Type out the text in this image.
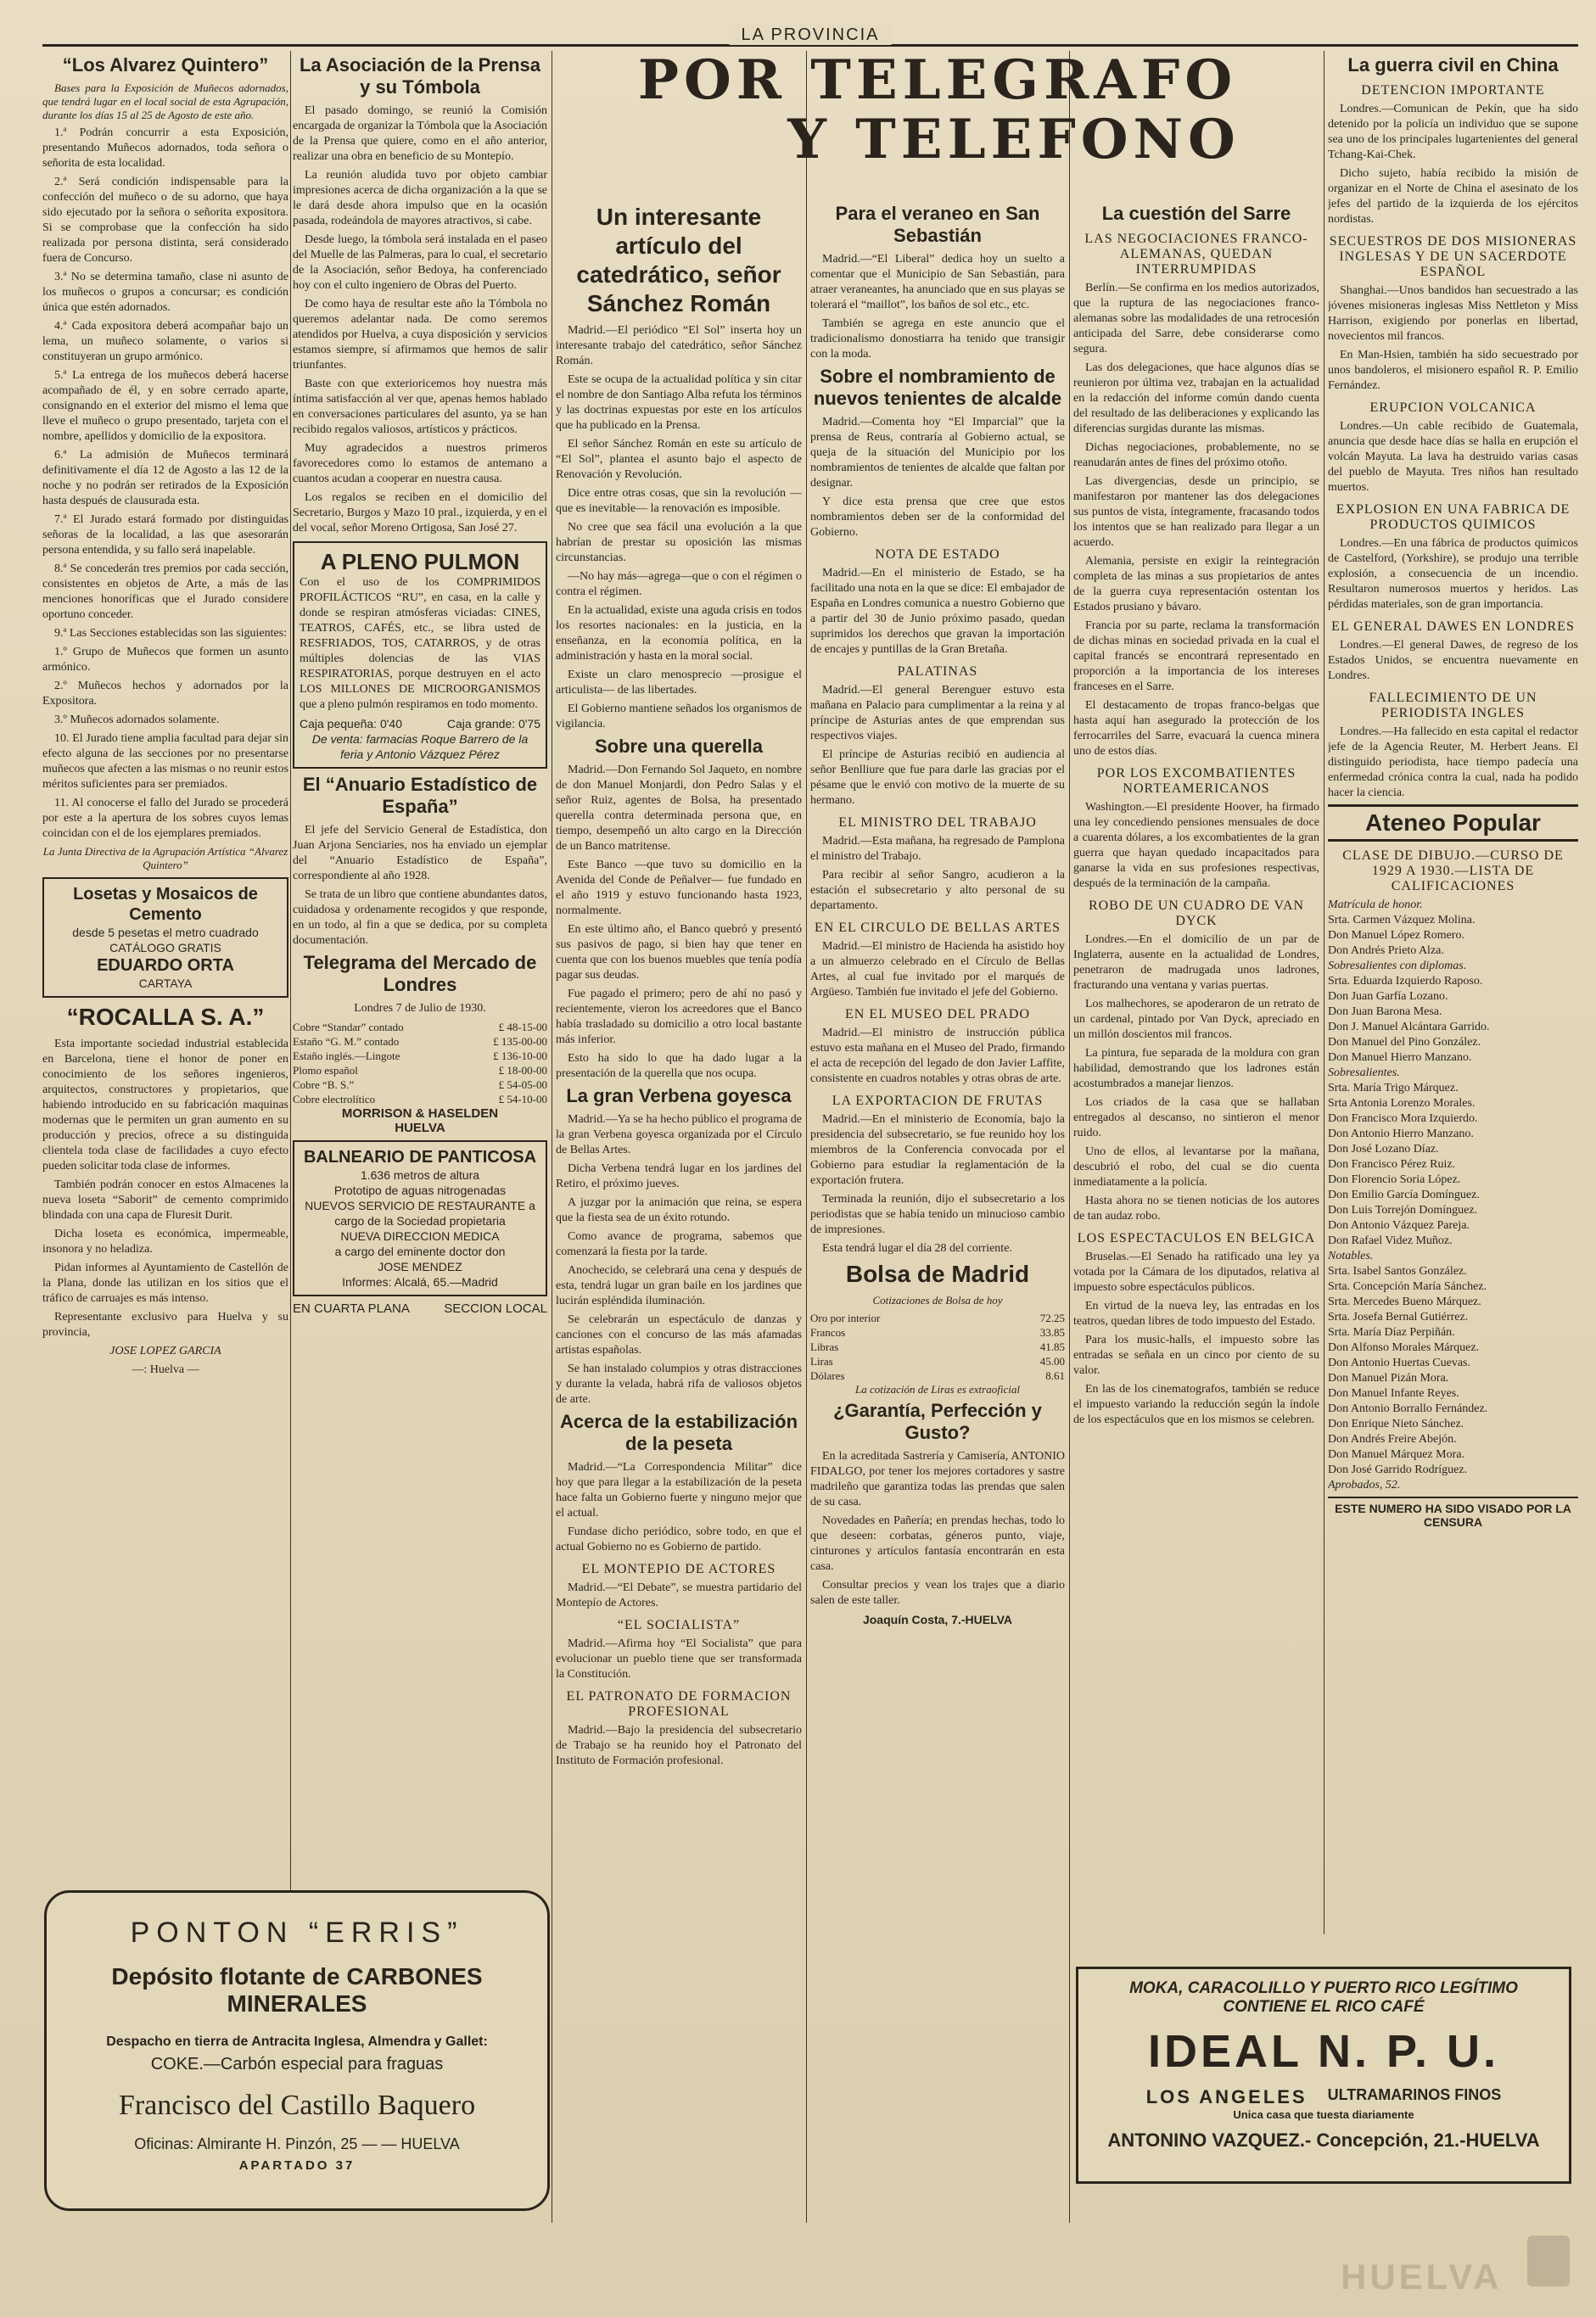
LA PROVINCIA
POR TELEGRAFO
Y TELEFONO
“Los Alvarez Quintero”

Bases para la Exposición de Muñecos adornados, que tendrá lugar en el local social de esta Agrupación, durante los días 15 al 25 de Agosto de este año.

1.ª Podrán concurrir a esta Exposición, presentando Muñecos adornados, toda señora o señorita de esta localidad.

2.ª Será condición indispensable para la confección del muñeco o de su adorno, que haya sido ejecutado por la señora o señorita expositora. Si se comprobase que la confección ha sido realizada por persona distinta, será considerado fuera de Concurso.

3.ª No se determina tamaño, clase ni asunto de los muñecos o grupos a concursar; es condición única que estén adornados.

4.ª Cada expositora deberá acompañar bajo un lema, un muñeco solamente, o varios si constituyeran un grupo armónico.

5.ª La entrega de los muñecos deberá hacerse acompañado de él, y en sobre cerrado aparte, consignando en el exterior del mismo el lema que lleve el muñeco o grupo presentado, tarjeta con el nombre, apellidos y domicilio de la expositora.

6.ª La admisión de Muñecos terminará definitivamente el día 12 de Agosto a las 12 de la noche y no podrán ser retirados de la Exposición hasta después de clausurada esta.

7.ª El Jurado estará formado por distinguidas señoras de la localidad, a las que asesorarán persona entendida, y su fallo será inapelable.

8.ª Se concederán tres premios por cada sección, consistentes en objetos de Arte, a más de las menciones honoríficas que el Jurado considere oportuno conceder.

9.ª Las Secciones establecidas son las siguientes:

1.º Grupo de Muñecos que formen un asunto armónico.

2.º Muñecos hechos y adornados por la Expositora.

3.º Muñecos adornados solamente.

10. El Jurado tiene amplia facultad para dejar sin efecto alguna de las secciones por no presentarse muñecos que afecten a las mismas o no reunir estos méritos suficientes para ser premiados.

11. Al conocerse el fallo del Jurado se procederá por este a la apertura de los sobres cuyos lemas coincidan con el de los ejemplares premiados.

La Junta Directiva de la Agrupación Artística “Alvarez Quintero”

Losetas y Mosaicos de Cemento
desde 5 pesetas el metro cuadrado
CATÁLOGO GRATIS
EDUARDO ORTA
CARTAYA
“ROCALLA S. A.”

Esta importante sociedad industrial establecida en Barcelona, tiene el honor de poner en conocimiento de los señores ingenieros, arquitectos, constructores y propietarios, que habiendo introducido en su fabricación maquinas modernas que le permiten un gran aumento en su producción y precios, ofrece a su distinguida clientela toda clase de facilidades a cuyo efecto pueden solicitar toda clase de informes.

También podrán conocer en estos Almacenes la nueva loseta “Saborit” de cemento comprimido blindada con una capa de Fluresit Durit.

Dicha loseta es económica, impermeable, insonora y no heladiza.

Pidan informes al Ayuntamiento de Castellón de la Plana, donde las utilizan en los sitios que el tráfico de carruajes es más intenso.

Representante exclusivo para Huelva y su provincia,

JOSE LOPEZ GARCIA

—: Huelva —

La Asociación de la Prensa y su Tómbola

El pasado domingo, se reunió la Comisión encargada de organizar la Tómbola que la Asociación de la Prensa que quiere, como en el año anterior, realizar una obra en beneficio de su Montepío.

La reunión aludida tuvo por objeto cambiar impresiones acerca de dicha organización a la que se le dará desde ahora impulso que en la ocasión pasada, rodeándola de mayores atractivos, si cabe.

Desde luego, la tómbola será instalada en el paseo del Muelle de las Palmeras, para lo cual, el secretario de la Asociación, señor Bedoya, ha conferenciado hoy con el culto ingeniero de Obras del Puerto.

De como haya de resultar este año la Tómbola no queremos adelantar nada. De como seremos atendidos por Huelva, a cuya disposición y servicios estamos siempre, sí afirmamos que hemos de salir triunfantes.

Baste con que exterioricemos hoy nuestra más íntima satisfacción al ver que, apenas hemos hablado en conversaciones particulares del asunto, ya se han recibido regalos valiosos, artísticos y prácticos.

Muy agradecidos a nuestros primeros favorecedores como lo estamos de antemano a cuantos acudan a cooperar en nuestra causa.

Los regalos se reciben en el domicilio del Secretario, Burgos y Mazo 10 pral., izquierda, y en el del vocal, señor Moreno Ortigosa, San José 27.

A PLENO PULMON

Con el uso de los COMPRIMIDOS PROFILÁCTICOS “RU”, en casa, en la calle y donde se respiran atmósferas viciadas: CINES, TEATROS, CAFÉS, etc., se libra usted de RESFRIADOS, TOS, CATARROS, y de otras múltiples dolencias de las VIAS RESPIRATORIAS, porque destruyen en el acto LOS MILLONES DE MICROORGANISMOS que a pleno pulmón respiramos en todo momento.

Caja pequeña: 0'40	Caja grande: 0'75
De venta: farmacias Roque Barrero de la feria y Antonio Vázquez Pérez
El “Anuario Estadístico de España”

El jefe del Servicio General de Estadística, don Juan Arjona Senciaries, nos ha enviado un ejemplar del “Anuario Estadístico de España”, correspondiente al año 1928.

Se trata de un libro que contiene abundantes datos, cuidadosa y ordenamente recogidos y que responde, en un todo, al fin a que se dedica, por su completa documentación.

Telegrama del Mercado de Londres

Londres 7 de Julio de 1930.

Cobre “Standar” contado	£ 48-15-00
Estaño “G. M.” contado	£ 135-00-00
Estaño inglés.—Lingote	£ 136-10-00
Plomo español	£ 18-00-00
Cobre “B. S.”	£ 54-05-00
Cobre electrolítico	£ 54-10-00
MORRISON & HASELDEN
HUELVA
BALNEARIO DE PANTICOSA
1.636 metros de altura
Prototipo de aguas nitrogenadas
NUEVOS SERVICIO DE RESTAURANTE a cargo de la Sociedad propietaria
NUEVA DIRECCION MEDICA
a cargo del eminente doctor don
JOSE MENDEZ
Informes: Alcalá, 65.—Madrid
EN CUARTA PLANA	SECCION LOCAL
Un interesante artículo del catedrático, señor Sánchez Román

Madrid.—El periódico “El Sol” inserta hoy un interesante trabajo del catedrático, señor Sánchez Román.

Este se ocupa de la actualidad política y sin citar el nombre de don Santiago Alba refuta los términos y las doctrinas expuestas por este en los artículos que ha publicado en la Prensa.

El señor Sánchez Román en este su artículo de “El Sol”, plantea el asunto bajo el aspecto de Renovación y Revolución.

Dice entre otras cosas, que sin la revolución —que es inevitable— la renovación es imposible.

No cree que sea fácil una evolución a la que habrían de prestar su oposición las mismas circunstancias.

—No hay más—agrega—que o con el régimen o contra el régimen.

En la actualidad, existe una aguda crisis en todos los resortes nacionales: en la justicia, en la enseñanza, en la economía política, en la administración y hasta en la moral social.

Existe un claro menosprecio —prosigue el articulista— de las libertades.

El Gobierno mantiene señados los organismos de vigilancia.

Sobre una querella

Madrid.—Don Fernando Sol Jaqueto, en nombre de don Manuel Monjardi, don Pedro Salas y el señor Ruiz, agentes de Bolsa, ha presentado querella contra determinada persona que, en tiempo, desempeñó un alto cargo en la Dirección de un Banco matritense.

Este Banco —que tuvo su domicilio en la Avenida del Conde de Peñalver— fue fundado en el año 1919 y estuvo funcionando hasta 1923, normalmente.

En este último año, el Banco quebró y presentó sus pasivos de pago, si bien hay que tener en cuenta que con los buenos muebles que tenía podía pagar sus deudas.

Fue pagado el primero; pero de ahí no pasó y recientemente, vieron los acreedores que el Banco había trasladado su domicilio a otro local bastante más inferior.

Esto ha sido lo que ha dado lugar a la presentación de la querella que nos ocupa.

La gran Verbena goyesca

Madrid.—Ya se ha hecho público el programa de la gran Verbena goyesca organizada por el Círculo de Bellas Artes.

Dicha Verbena tendrá lugar en los jardines del Retiro, el próximo jueves.

A juzgar por la animación que reina, se espera que la fiesta sea de un éxito rotundo.

Como avance de programa, sabemos que comenzará la fiesta por la tarde.

Anochecido, se celebrará una cena y después de esta, tendrá lugar un gran baile en los jardines que lucirán espléndida iluminación.

Se celebrarán un espectáculo de danzas y canciones con el concurso de las más afamadas artistas españolas.

Se han instalado columpios y otras distracciones y durante la velada, habrá rifa de valiosos objetos de arte.

Acerca de la estabilización de la peseta

Madrid.—“La Correspondencia Militar” dice hoy que para llegar a la estabilización de la peseta hace falta un Gobierno fuerte y ninguno mejor que el actual.

Fundase dicho periódico, sobre todo, en que el actual Gobierno no es Gobierno de partido.

EL MONTEPIO DE ACTORES

Madrid.—“El Debate”, se muestra partidario del Montepío de Actores.

“EL SOCIALISTA”

Madrid.—Afirma hoy “El Socialista” que para evolucionar un pueblo tiene que ser transformada la Constitución.

EL PATRONATO DE FORMACION PROFESIONAL

Madrid.—Bajo la presidencia del subsecretario de Trabajo se ha reunido hoy el Patronato del Instituto de Formación profesional.

Para el veraneo en San Sebastián

Madrid.—“El Liberal” dedica hoy un suelto a comentar que el Municipio de San Sebastián, para atraer veraneantes, ha anunciado que en sus playas se tolerará el “maillot”, los baños de sol etc., etc.

También se agrega en este anuncio que el tradicionalismo donostiarra ha tenido que transigir con la moda.

Sobre el nombramiento de nuevos tenientes de alcalde

Madrid.—Comenta hoy “El Imparcial” que la prensa de Reus, contraría al Gobierno actual, se queja de la situación del Municipio por los nombramientos de tenientes de alcalde que faltan por designar.

Y dice esta prensa que cree que estos nombramientos deben ser de la conformidad del Gobierno.

NOTA DE ESTADO

Madrid.—En el ministerio de Estado, se ha facilitado una nota en la que se dice: El embajador de España en Londres comunica a nuestro Gobierno que a partir del 30 de Junio próximo pasado, quedan suprimidos los derechos que gravan la importación de encajes y puntillas de la Gran Bretaña.

PALATINAS

Madrid.—El general Berenguer estuvo esta mañana en Palacio para cumplimentar a la reina y al príncipe de Asturias antes de que emprendan sus respectivos viajes.

El príncipe de Asturias recibió en audiencia al señor Benlliure que fue para darle las gracias por el pésame que le envió con motivo de la muerte de su hermano.

EL MINISTRO DEL TRABAJO

Madrid.—Esta mañana, ha regresado de Pamplona el ministro del Trabajo.

Para recibir al señor Sangro, acudieron a la estación el subsecretario y alto personal de su departamento.

EN EL CIRCULO DE BELLAS ARTES

Madrid.—El ministro de Hacienda ha asistido hoy a un almuerzo celebrado en el Círculo de Bellas Artes, al cual fue invitado por el marqués de Argüeso. También fue invitado el jefe del Gobierno.

EN EL MUSEO DEL PRADO

Madrid.—El ministro de instrucción pública estuvo esta mañana en el Museo del Prado, firmando el acta de recepción del legado de don Javier Laffite, consistente en cuadros notables y otras obras de arte.

LA EXPORTACION DE FRUTAS

Madrid.—En el ministerio de Economía, bajo la presidencia del subsecretario, se fue reunido hoy los miembros de la Conferencia convocada por el Gobierno para estudiar la reglamentación de la exportación frutera.

Terminada la reunión, dijo el subsecretario a los periodistas que se había tenido un minucioso cambio de impresiones.

Esta tendrá lugar el día 28 del corriente.

Bolsa de Madrid

Cotizaciones de Bolsa de hoy

Oro por interior	72.25
Francos	33.85
Libras	41.85
Liras	45.00
Dólares	8.61

La cotización de Liras es extraoficial

¿Garantía, Perfección y Gusto?

En la acreditada Sastrería y Camisería, ANTONIO FIDALGO, por tener los mejores cortadores y sastre madrileño que garantiza todas las prendas que salen de su casa.

Novedades en Pañería; en prendas hechas, todo lo que deseen: corbatas, géneros punto, viaje, cinturones y artículos fantasía encontrarán en esta casa.

Consultar precios y vean los trajes que a diario salen de este taller.

Joaquín Costa, 7.-HUELVA

La cuestión del Sarre
LAS NEGOCIACIONES FRANCO-ALEMANAS, QUEDAN INTERRUMPIDAS

Berlín.—Se confirma en los medios autorizados, que la ruptura de las negociaciones franco-alemanas sobre las modalidades de una retrocesión anticipada del Sarre, debe considerarse como segura.

Las dos delegaciones, que hace algunos días se reunieron por última vez, trabajan en la actualidad en la redacción del informe común dando cuenta del resultado de las deliberaciones y explicando las diferencias surgidas durante las mismas.

Dichas negociaciones, probablemente, no se reanudarán antes de fines del próximo otoño.

Las divergencias, desde un principio, se manifestaron por mantener las dos delegaciones sus puntos de vista, íntegramente, fracasando todos los intentos que se han realizado para llegar a un acuerdo.

Alemania, persiste en exigir la reintegración completa de las minas a sus propietarios de antes de la guerra cuya representación ostentan los Estados prusiano y bávaro.

Francia por su parte, reclama la transformación de dichas minas en sociedad privada en la cual el capital francés se encontrará representado en proporción a la importancia de los intereses franceses en el Sarre.

El destacamento de tropas franco-belgas que hasta aquí han asegurado la protección de los ferrocarriles del Sarre, evacuará la cuenca minera uno de estos días.

POR LOS EXCOMBATIENTES NORTEAMERICANOS

Washington.—El presidente Hoover, ha firmado una ley concediendo pensiones mensuales de doce a cuarenta dólares, a los excombatientes de la gran guerra que hayan quedado incapacitados para ganarse la vida en sus profesiones respectivas, después de la terminación de la campaña.

ROBO DE UN CUADRO DE VAN DYCK

Londres.—En el domicilio de un par de Inglaterra, ausente en la actualidad de Londres, penetraron de madrugada unos ladrones, fracturando una ventana y varias puertas.

Los malhechores, se apoderaron de un retrato de un cardenal, pintado por Van Dyck, apreciado en un millón doscientos mil francos.

La pintura, fue separada de la moldura con gran habilidad, demostrando que los ladrones están acostumbrados a manejar lienzos.

Los criados de la casa que se hallaban entregados al descanso, no sintieron el menor ruido.

Uno de ellos, al levantarse por la mañana, descubrió el robo, del cual se dio cuenta inmediatamente a la policía.

Hasta ahora no se tienen noticias de los autores de tan audaz robo.

LOS ESPECTACULOS EN BELGICA

Bruselas.—El Senado ha ratificado una ley ya votada por la Cámara de los diputados, relativa al impuesto sobre espectáculos públicos.

En virtud de la nueva ley, las entradas en los teatros, quedan libres de todo impuesto del Estado.

Para los music-halls, el impuesto sobre las entradas se señala en un cinco por ciento de su valor.

En las de los cinematografos, también se reduce el impuesto variando la reducción según la índole de los espectáculos que en los mismos se celebren.

La guerra civil en China
DETENCION IMPORTANTE

Londres.—Comunican de Pekín, que ha sido detenido por la policía un individuo que se supone sea uno de los principales lugartenientes del general Tchang-Kai-Chek.

Dicho sujeto, había recibido la misión de organizar en el Norte de China el asesinato de los jefes del partido de la izquierda de los ejércitos nordistas.

SECUESTROS DE DOS MISIONERAS INGLESAS Y DE UN SACERDOTE ESPAÑOL

Shanghai.—Unos bandidos han secuestrado a las jóvenes misioneras inglesas Miss Nettleton y Miss Harrison, exigiendo por ponerlas en libertad, novecientos mil francos.

En Man-Hsien, también ha sido secuestrado por unos bandoleros, el misionero español R. P. Emilio Fernández.

ERUPCION VOLCANICA

Londres.—Un cable recibido de Guatemala, anuncia que desde hace días se halla en erupción el volcán Mayuta. La lava ha destruido varias casas del pueblo de Mayuta. Tres niños han resultado muertos.

EXPLOSION EN UNA FABRICA DE PRODUCTOS QUIMICOS

Londres.—En una fábrica de productos químicos de Castelford, (Yorkshire), se produjo una terrible explosión, a consecuencia de un incendio. Resultaron numerosos muertos y heridos. Las pérdidas materiales, son de gran importancia.

EL GENERAL DAWES EN LONDRES

Londres.—El general Dawes, de regreso de los Estados Unidos, se encuentra nuevamente en Londres.

FALLECIMIENTO DE UN PERIODISTA INGLES

Londres.—Ha fallecido en esta capital el redactor jefe de la Agencia Reuter, M. Herbert Jeans. El distinguido periodista, hace tiempo padecía una enfermedad crónica contra la cual, nada ha podido hacer la ciencia.

Ateneo Popular
CLASE DE DIBUJO.—CURSO DE 1929 A 1930.—LISTA DE CALIFICACIONES
Matrícula de honor.
Srta. Carmen Vázquez Molina.
Don Manuel López Romero.
Don Andrés Prieto Alza.
Sobresalientes con diplomas.
Srta. Eduarda Izquierdo Raposo.
Don Juan Garfía Lozano.
Don Juan Barona Mesa.
Don J. Manuel Alcántara Garrido.
Don Manuel del Pino González.
Don Manuel Hierro Manzano.
Sobresalientes.
Srta. María Trigo Márquez.
Srta Antonia Lorenzo Morales.
Don Francisco Mora Izquierdo.
Don Antonio Hierro Manzano.
Don José Lozano Díaz.
Don Francisco Pérez Ruiz.
Don Florencio Soria López.
Don Emilio García Domínguez.
Don Luis Torrejón Domínguez.
Don Antonio Vázquez Pareja.
Don Rafael Videz Muñoz.
Notables.
Srta. Isabel Santos González.
Srta. Concepción María Sánchez.
Srta. Mercedes Bueno Márquez.
Srta. Josefa Bernal Gutiérrez.
Srta. María Díaz Perpiñán.
Don Alfonso Morales Márquez.
Don Antonio Huertas Cuevas.
Don Manuel Pizán Mora.
Don Manuel Infante Reyes.
Don Antonio Borrallo Fernández.
Don Enrique Nieto Sánchez.
Don Andrés Freire Abejón.
Don Manuel Márquez Mora.
Don José Garrido Rodríguez.
Aprobados, 52.
ESTE NUMERO HA SIDO VISADO POR LA CENSURA
PONTON “ERRIS”
Depósito flotante de CARBONES MINERALES
Despacho en tierra de Antracita Inglesa, Almendra y Gallet:
COKE.—Carbón especial para fraguas
Francisco del Castillo Baquero
Oficinas: Almirante H. Pinzón, 25 — — HUELVA
APARTADO 37
MOKA, CARACOLILLO Y PUERTO RICO LEGÍTIMO
CONTIENE EL RICO CAFÉ
IDEAL N. P. U.
LOS ANGELES ULTRAMARINOS FINOS
Unica casa que tuesta diariamente
ANTONINO VAZQUEZ.- Concepción, 21.-HUELVA
HUELVA
